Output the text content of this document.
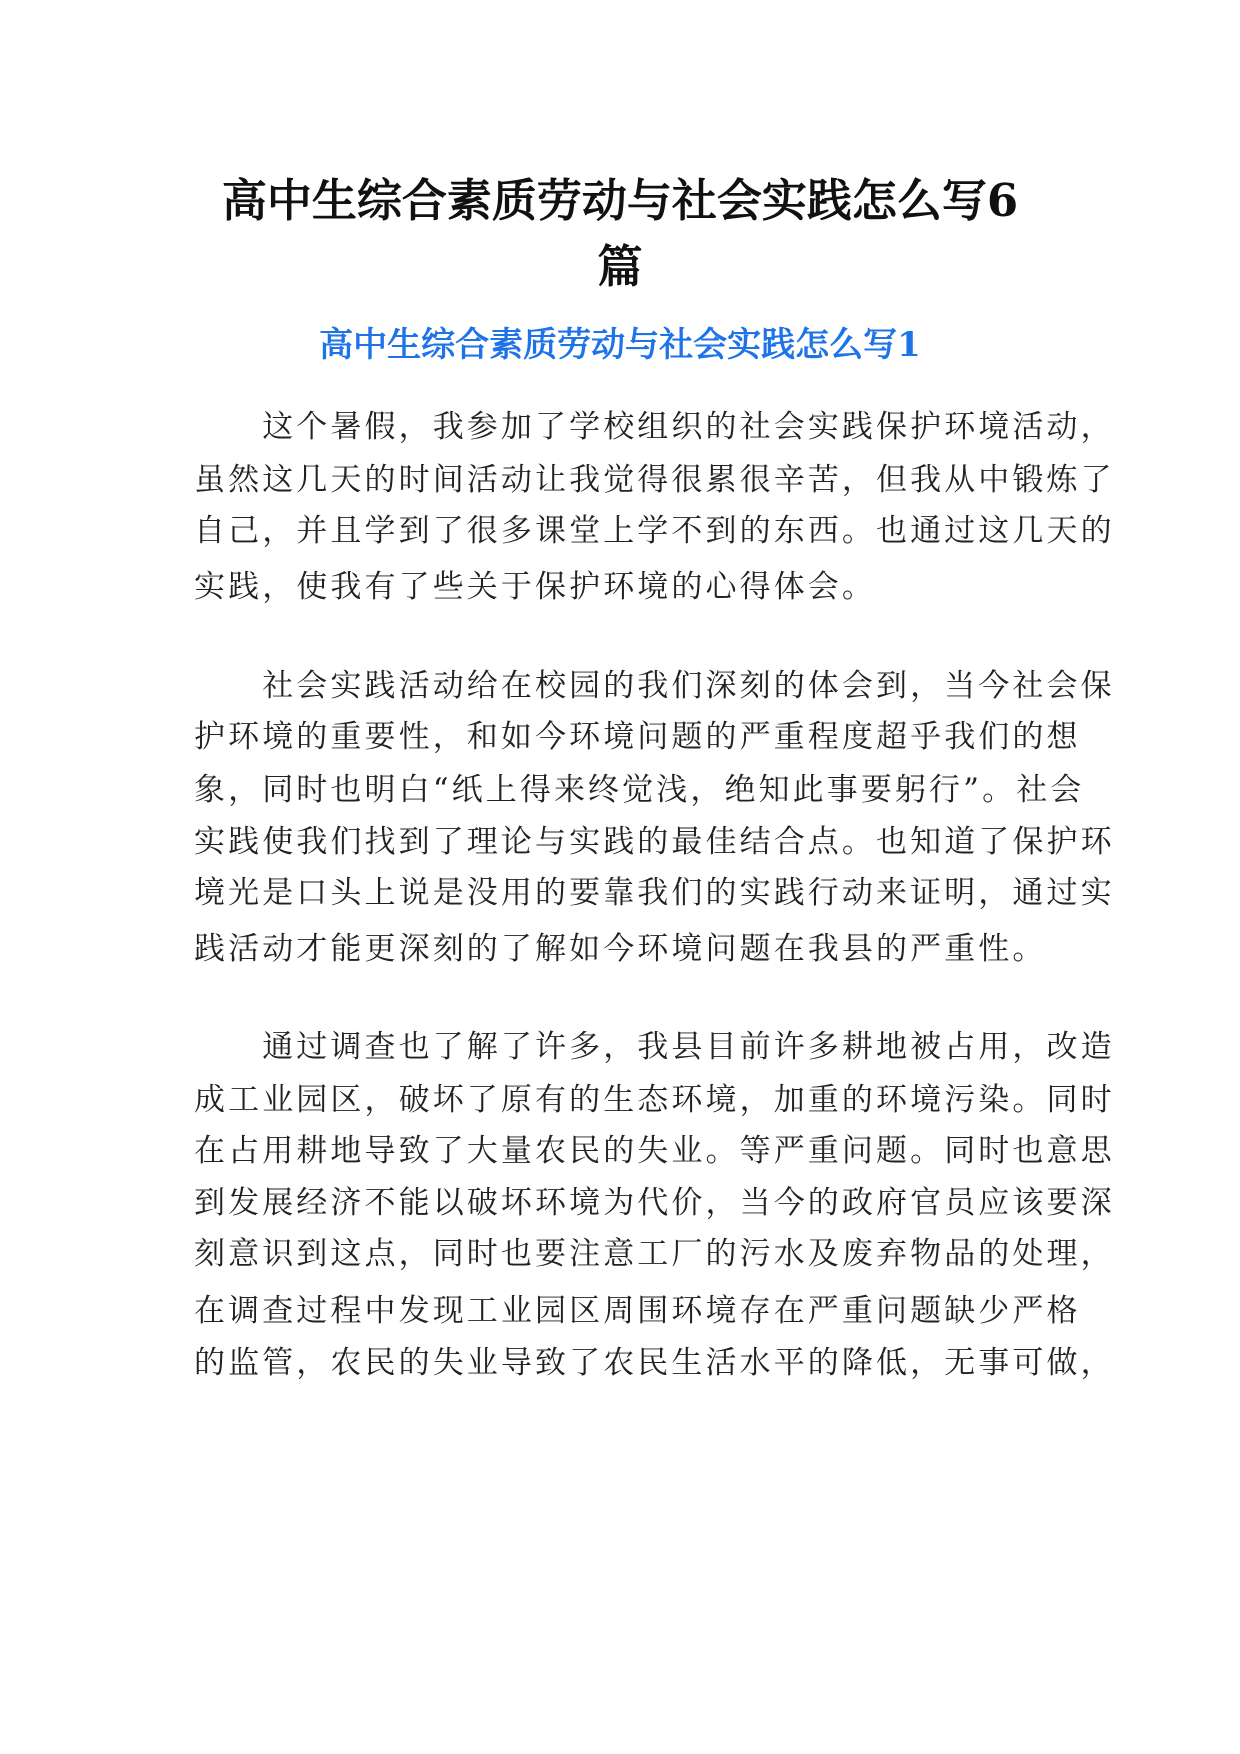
高中生综合素质劳动与社会实践怎么写6
篇
高中生综合素质劳动与社会实践怎么写1
　　这个暑假，我参加了学校组织的社会实践保护环境活动，
虽然这几天的时间活动让我觉得很累很辛苦，但我从中锻炼了
自己，并且学到了很多课堂上学不到的东西。也通过这几天的
实践，使我有了些关于保护环境的心得体会。
　　社会实践活动给在校园的我们深刻的体会到，当今社会保
护环境的重要性，和如今环境问题的严重程度超乎我们的想
象，同时也明白“纸上得来终觉浅，绝知此事要躬行”。社会
实践使我们找到了理论与实践的最佳结合点。也知道了保护环
境光是口头上说是没用的要靠我们的实践行动来证明，通过实
践活动才能更深刻的了解如今环境问题在我县的严重性。
　　通过调查也了解了许多，我县目前许多耕地被占用，改造
成工业园区，破坏了原有的生态环境，加重的环境污染。同时
在占用耕地导致了大量农民的失业。等严重问题。同时也意思
到发展经济不能以破坏环境为代价，当今的政府官员应该要深
刻意识到这点，同时也要注意工厂的污水及废弃物品的处理，
在调查过程中发现工业园区周围环境存在严重问题缺少严格
的监管，农民的失业导致了农民生活水平的降低，无事可做，
